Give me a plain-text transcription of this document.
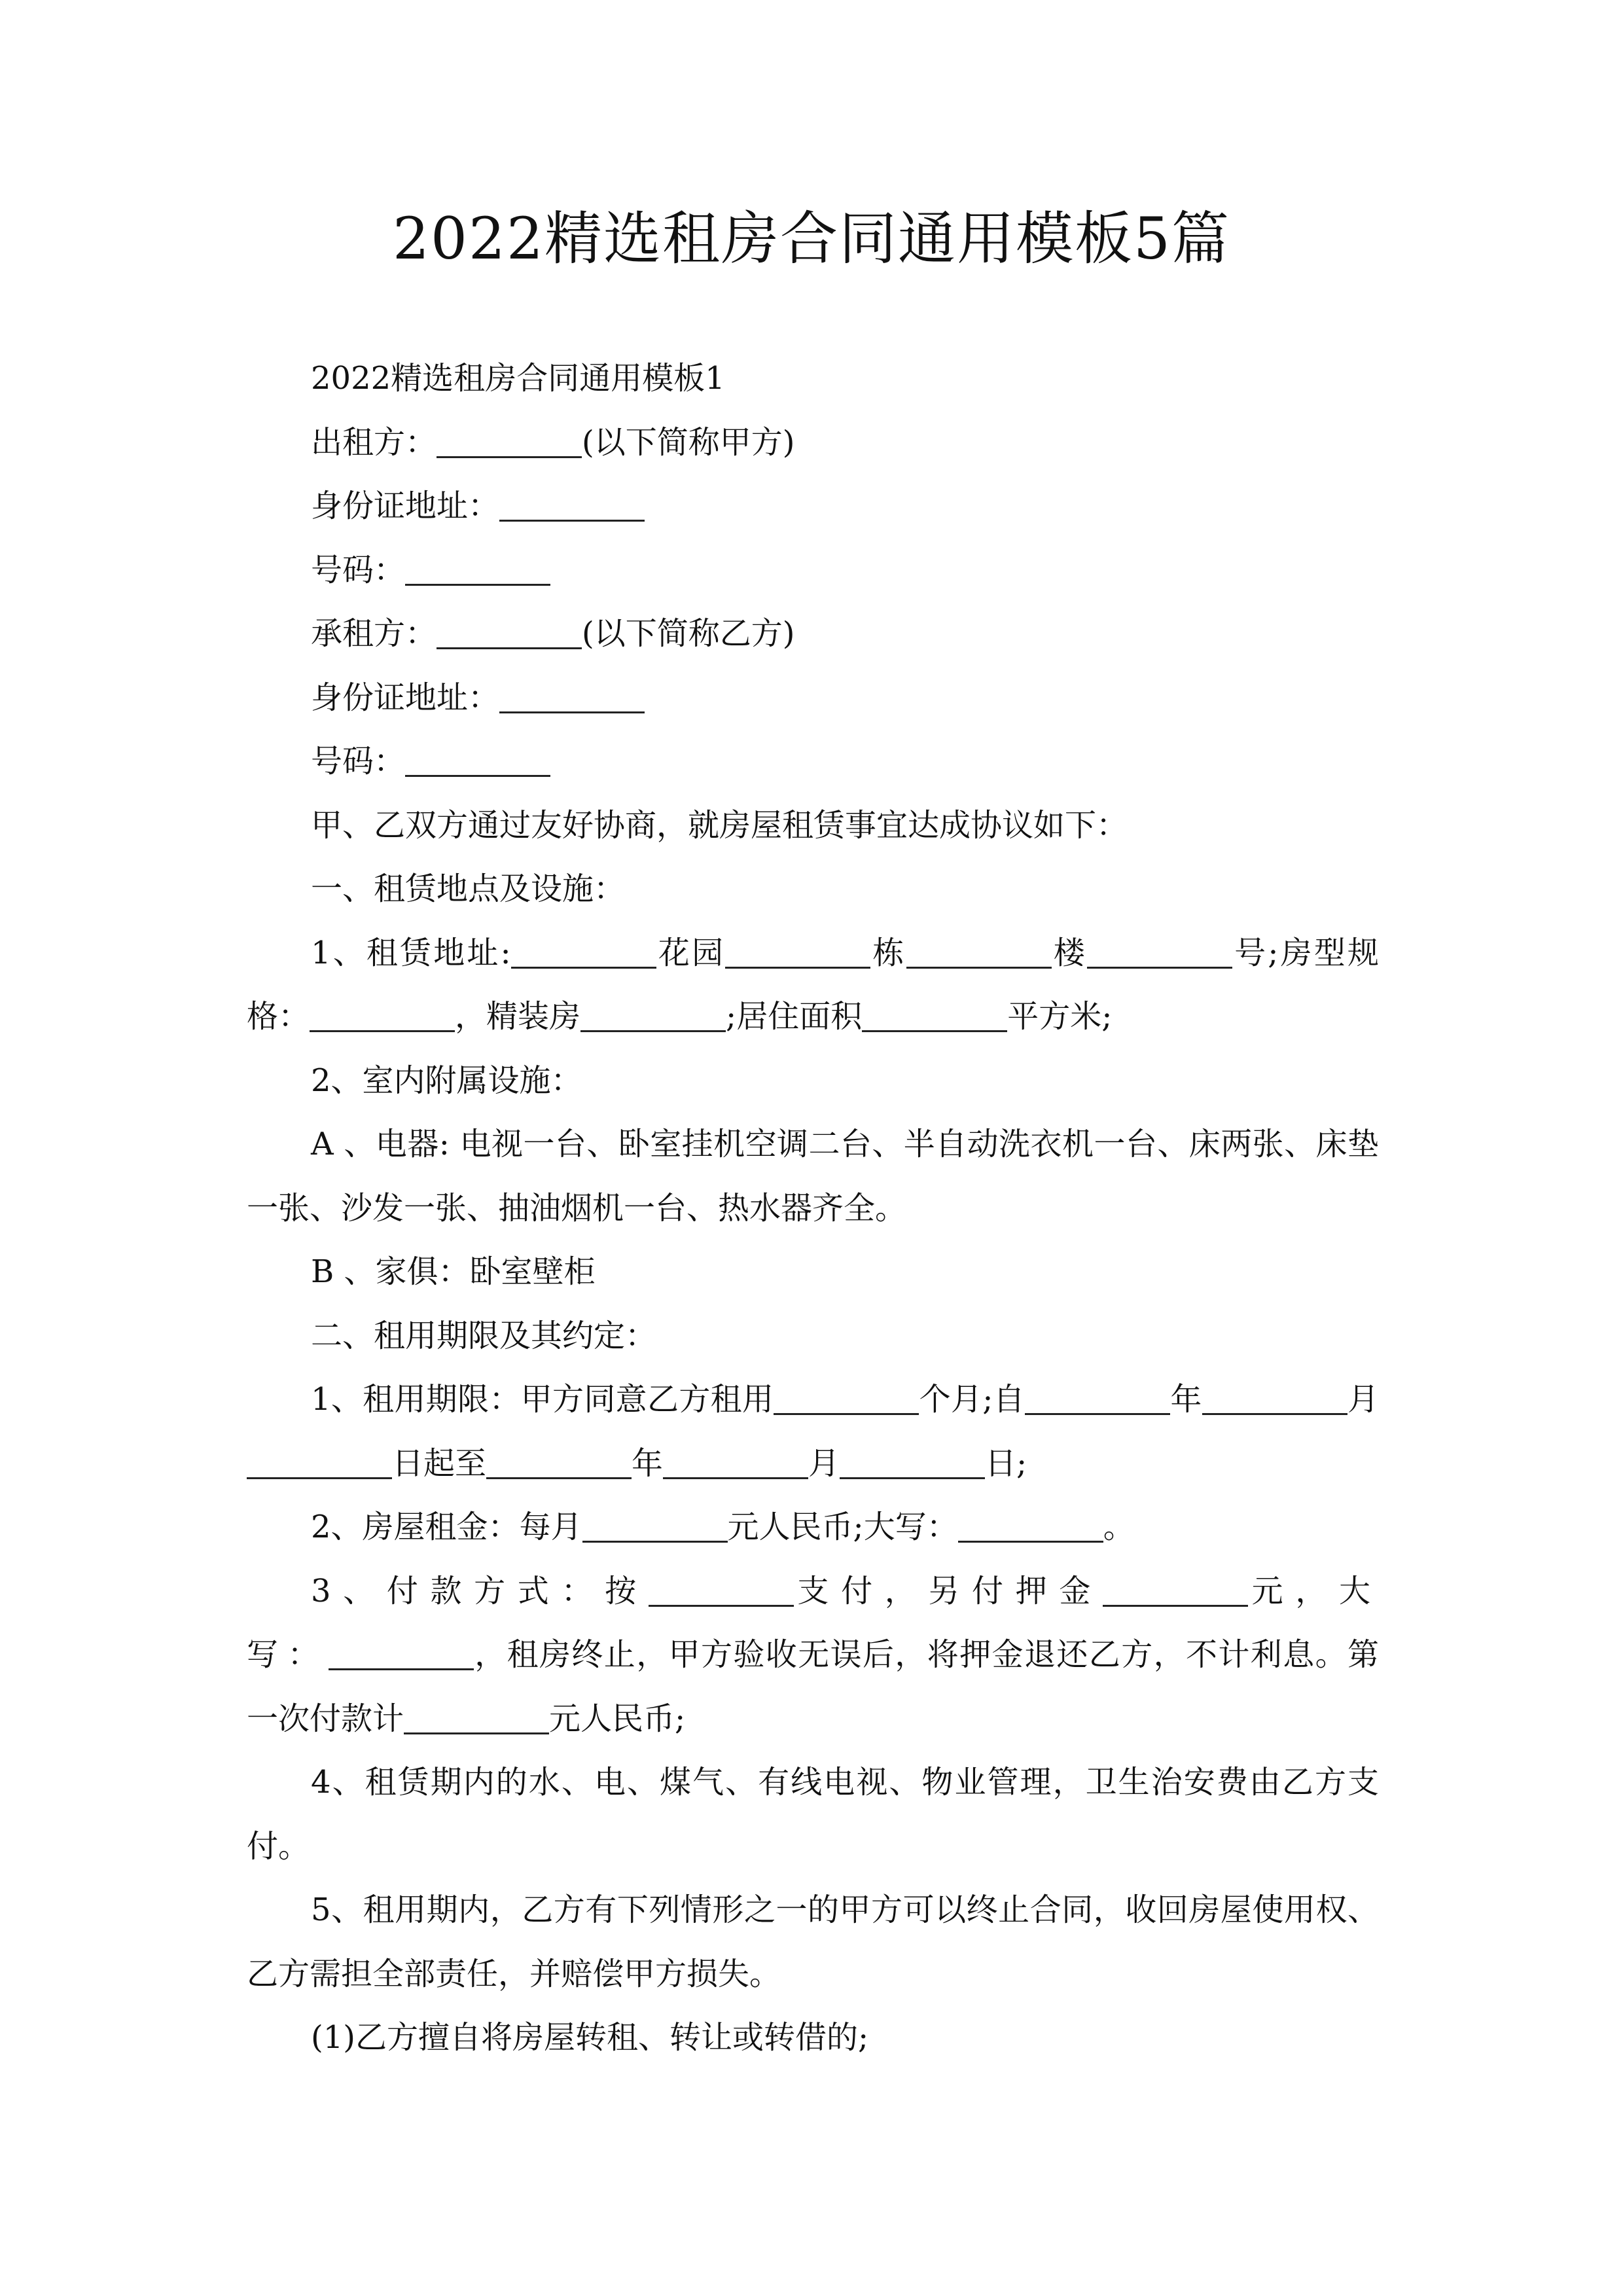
2022精选租房合同通用模板5篇

2022精选租房合同通用模板1

出租方：	(以下简称甲方)

身份证地址：

号码：

承租方：	(以下简称乙方)

身份证地址：

号码：

甲、乙双方通过友好协商，就房屋租赁事宜达成协议如下：

一、租赁地点及设施：

1、租赁地址:	花园	栋	楼	号;房型规格：	，精装房	;居住面积	平方米;

2、室内附属设施：

A 、电器: 电视一台、卧室挂机空调二台、半自动洗衣机一台、床两张、床垫一张、沙发一张、抽油烟机一台、热水器齐全。

B 、家俱：卧室壁柜

二、租用期限及其约定：

1、租用期限：甲方同意乙方租用	个月;自	年	月日起至	年	月	日;

2、房屋租金：每月	元人民币;大写：	。

3、付款方式：按	支付，另付押金	元，大写：	，租房终止，甲方验收无误后，将押金退还乙方，不计利息。第一次付款计	元人民币;

4、租赁期内的水、电、煤气、有线电视、物业管理，卫生治安费由乙方支付。

5、租用期内，乙方有下列情形之一的甲方可以终止合同，收回房屋使用权、乙方需担全部责任，并赔偿甲方损失。

(1)乙方擅自将房屋转租、转让或转借的;
